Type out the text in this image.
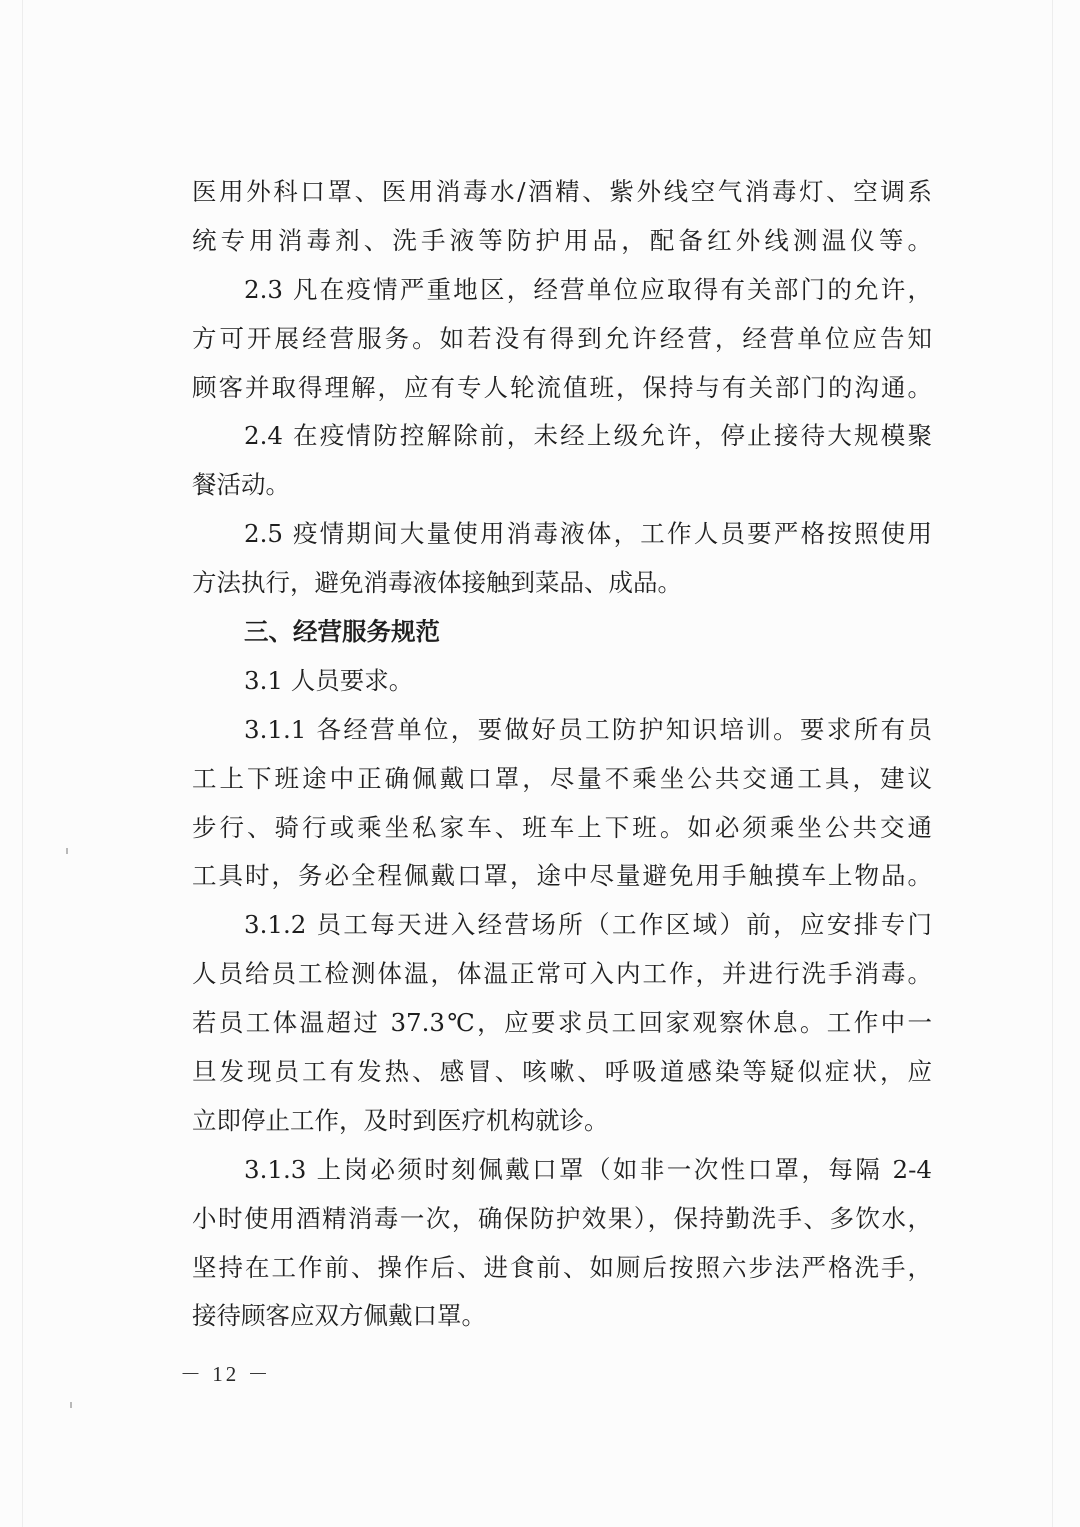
医用外科口罩、医用消毒水/酒精、紫外线空气消毒灯、空调系
统专用消毒剂、洗手液等防护用品，配备红外线测温仪等。
2.3 凡在疫情严重地区，经营单位应取得有关部门的允许，
方可开展经营服务。如若没有得到允许经营，经营单位应告知
顾客并取得理解，应有专人轮流值班，保持与有关部门的沟通。
2.4 在疫情防控解除前，未经上级允许，停止接待大规模聚
餐活动。
2.5 疫情期间大量使用消毒液体，工作人员要严格按照使用
方法执行，避免消毒液体接触到菜品、成品。
三、经营服务规范
3.1 人员要求。
3.1.1 各经营单位，要做好员工防护知识培训。要求所有员
工上下班途中正确佩戴口罩，尽量不乘坐公共交通工具，建议
步行、骑行或乘坐私家车、班车上下班。如必须乘坐公共交通
工具时，务必全程佩戴口罩，途中尽量避免用手触摸车上物品。
3.1.2 员工每天进入经营场所（工作区域）前，应安排专门
人员给员工检测体温，体温正常可入内工作，并进行洗手消毒。
若员工体温超过 37.3℃，应要求员工回家观察休息。工作中一
旦发现员工有发热、感冒、咳嗽、呼吸道感染等疑似症状，应
立即停止工作，及时到医疗机构就诊。
3.1.3 上岗必须时刻佩戴口罩（如非一次性口罩，每隔 2-4
小时使用酒精消毒一次，确保防护效果），保持勤洗手、多饮水，
坚持在工作前、操作后、进食前、如厕后按照六步法严格洗手，
接待顾客应双方佩戴口罩。
－ 12 －
